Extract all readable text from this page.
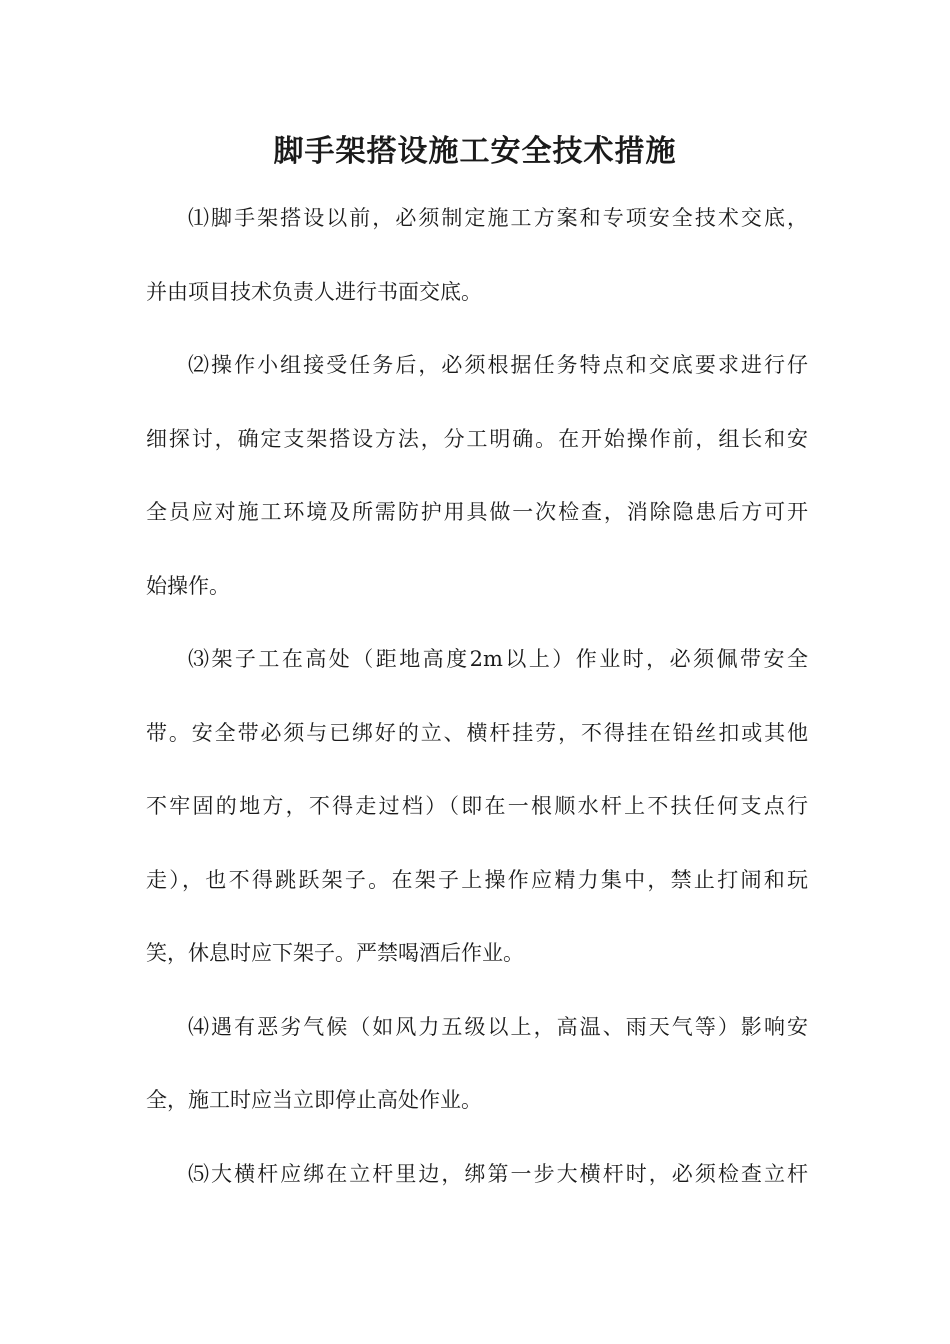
脚手架搭设施工安全技术措施
⑴脚手架搭设以前，必须制定施工方案和专项安全技术交底，
并由项目技术负责人进行书面交底。
⑵操作小组接受任务后，必须根据任务特点和交底要求进行仔
细探讨，确定支架搭设方法，分工明确。在开始操作前，组长和安
全员应对施工环境及所需防护用具做一次检查，消除隐患后方可开
始操作。
⑶架子工在高处（距地高度2m以上）作业时，必须佩带安全
带。安全带必须与已绑好的立、横杆挂劳，不得挂在铅丝扣或其他
不牢固的地方，不得走过档）（即在一根顺水杆上不扶任何支点行
走），也不得跳跃架子。在架子上操作应精力集中，禁止打闹和玩
笑，休息时应下架子。严禁喝酒后作业。
⑷遇有恶劣气候（如风力五级以上，高温、雨天气等）影响安
全，施工时应当立即停止高处作业。
⑸大横杆应绑在立杆里边，绑第一步大横杆时，必须检查立杆
